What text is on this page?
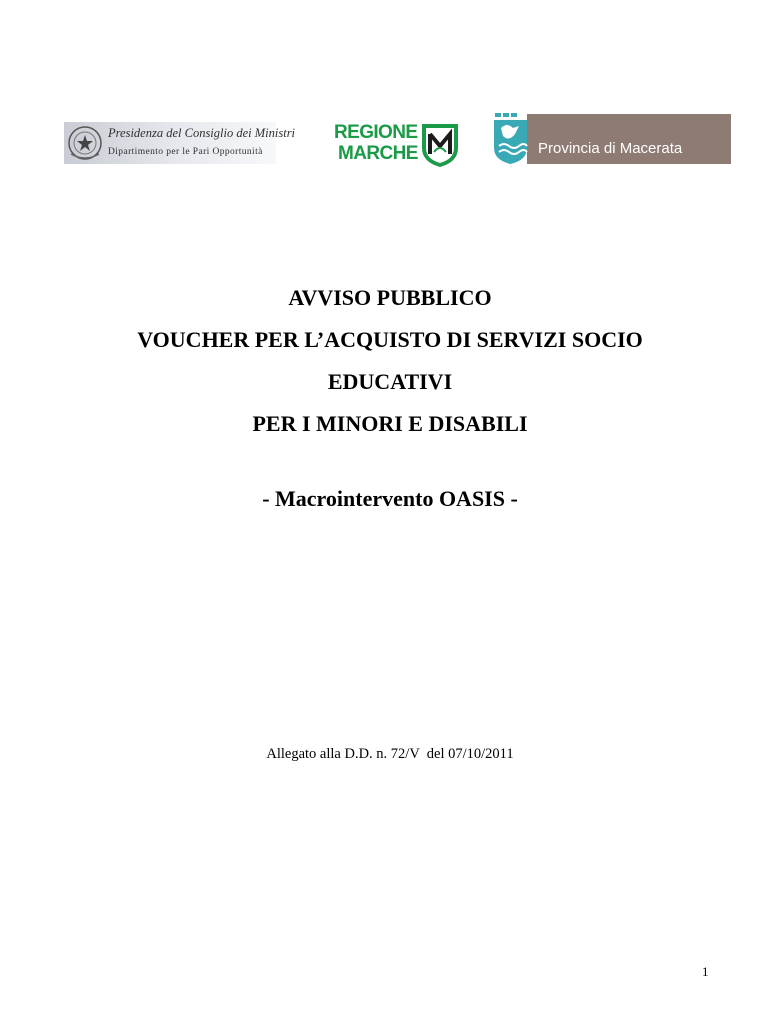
Presidenza del Consiglio dei Ministri
Dipartimento per le Pari Opportunità
REGIONE
MARCHE	Provincia di Macerata
AVVISO PUBBLICO
VOUCHER PER L’ACQUISTO DI SERVIZI SOCIO
EDUCATIVI
PER I MINORI E DISABILI
- Macrointervento OASIS -
Allegato alla D.D. n. 72/V  del 07/10/2011
1
